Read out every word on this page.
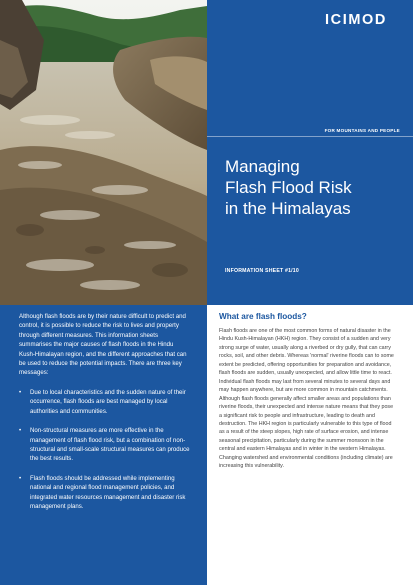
ICIMOD
FOR MOUNTAINS AND PEOPLE
Managing
Flash Flood Risk
in the Himalayas
INFORMATION SHEET #1/10

Although flash floods are by their nature difficult to predict and control, it is possible to reduce the risk to lives and property through different measures. This information sheets summarises the major causes of flash floods in the Hindu Kush-Himalayan region, and the different approaches that can be used to reduce the potential impacts. There are three key messages:

• Due to local characteristics and the sudden nature of their occurrence, flash floods are best managed by local authorities and communities.
• Non-structural measures are more effective in the management of flash flood risk, but a combination of non-structural and small-scale structural measures can produce the best results.
• Flash floods should be addressed while implementing national and regional flood management policies, and integrated water resources management and disaster risk management plans.
What are flash floods?

Flash floods are one of the most common forms of natural disaster in the Hindu Kush-Himalayan (HKH) region. They consist of a sudden and very strong surge of water, usually along a riverbed or dry gully, that can carry rocks, soil, and other debris. Whereas 'normal' riverine floods can to some extent be predicted, offering opportunities for preparation and avoidance, flash floods are sudden, usually unexpected, and allow little time to react. Individual flash floods may last from several minutes to several days and may happen anywhere, but are more common in mountain catchments. Although flash floods generally affect smaller areas and populations than riverine floods, their unexpected and intense nature means that they pose a significant risk to people and infrastructure, leading to death and destruction. The HKH region is particularly vulnerable to this type of flood as a result of the steep slopes, high rate of surface erosion, and intense seasonal precipitation, particularly during the summer monsoon in the central and eastern Himalayas and in winter in the western Himalayas. Changing watershed and environmental conditions (including climate) are increasing this vulnerability.
